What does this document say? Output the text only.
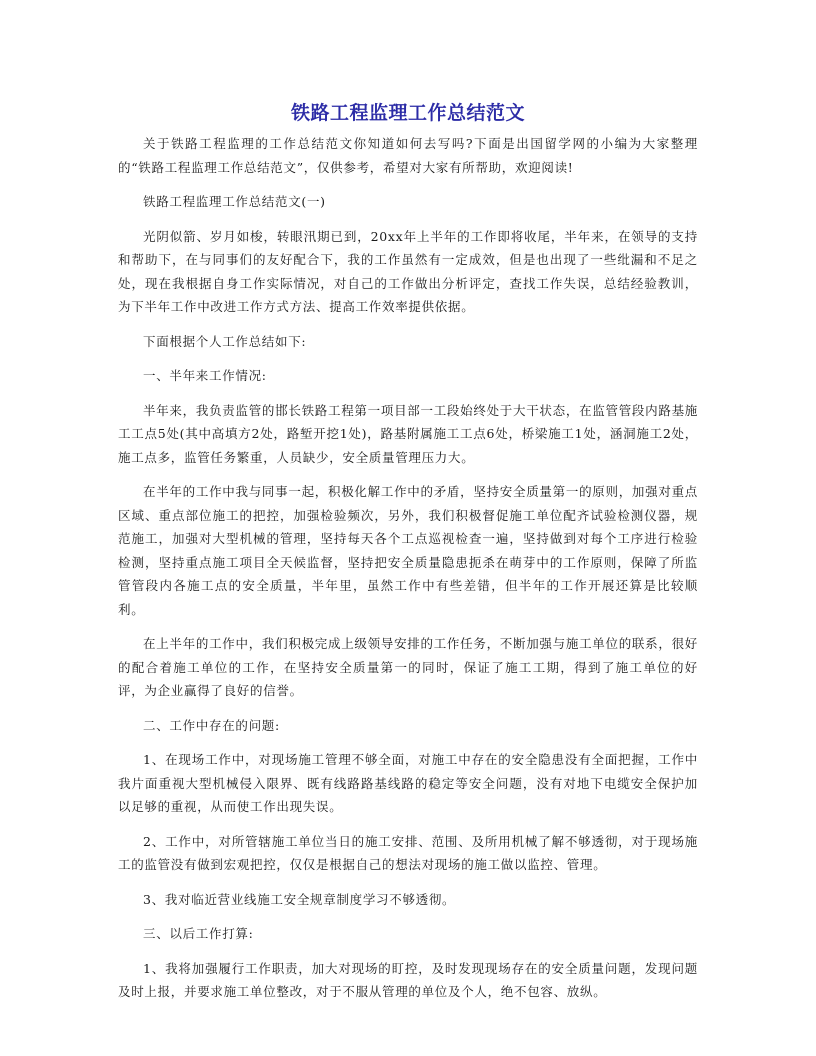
铁路工程监理工作总结范文

关于铁路工程监理的工作总结范文你知道如何去写吗?下面是出国留学网的小编为大家整理的“铁路工程监理工作总结范文”，仅供参考，希望对大家有所帮助，欢迎阅读!

铁路工程监理工作总结范文(一)

光阴似箭、岁月如梭，转眼汛期已到，20xx年上半年的工作即将收尾，半年来，在领导的支持和帮助下，在与同事们的友好配合下，我的工作虽然有一定成效，但是也出现了一些纰漏和不足之处，现在我根据自身工作实际情况，对自己的工作做出分析评定，查找工作失误，总结经验教训，为下半年工作中改进工作方式方法、提高工作效率提供依据。

下面根据个人工作总结如下:

一、半年来工作情况:

半年来，我负责监管的邯长铁路工程第一项目部一工段始终处于大干状态，在监管管段内路基施工工点5处(其中高填方2处，路堑开挖1处)，路基附属施工工点6处，桥梁施工1处，涵洞施工2处，施工点多，监管任务繁重，人员缺少，安全质量管理压力大。

在半年的工作中我与同事一起，积极化解工作中的矛盾，坚持安全质量第一的原则，加强对重点区域、重点部位施工的把控，加强检验频次，另外，我们积极督促施工单位配齐试验检测仪器，规范施工，加强对大型机械的管理，坚持每天各个工点巡视检查一遍，坚持做到对每个工序进行检验检测，坚持重点施工项目全天候监督，坚持把安全质量隐患扼杀在萌芽中的工作原则，保障了所监管管段内各施工点的安全质量，半年里，虽然工作中有些差错，但半年的工作开展还算是比较顺利。

在上半年的工作中，我们积极完成上级领导安排的工作任务，不断加强与施工单位的联系，很好的配合着施工单位的工作，在坚持安全质量第一的同时，保证了施工工期，得到了施工单位的好评，为企业赢得了良好的信誉。

二、工作中存在的问题:

1、在现场工作中，对现场施工管理不够全面，对施工中存在的安全隐患没有全面把握，工作中我片面重视大型机械侵入限界、既有线路路基线路的稳定等安全问题，没有对地下电缆安全保护加以足够的重视，从而使工作出现失误。

2、工作中，对所管辖施工单位当日的施工安排、范围、及所用机械了解不够透彻，对于现场施工的监管没有做到宏观把控，仅仅是根据自己的想法对现场的施工做以监控、管理。

3、我对临近营业线施工安全规章制度学习不够透彻。

三、以后工作打算:

1、我将加强履行工作职责，加大对现场的盯控，及时发现现场存在的安全质量问题，发现问题及时上报，并要求施工单位整改，对于不服从管理的单位及个人，绝不包容、放纵。
